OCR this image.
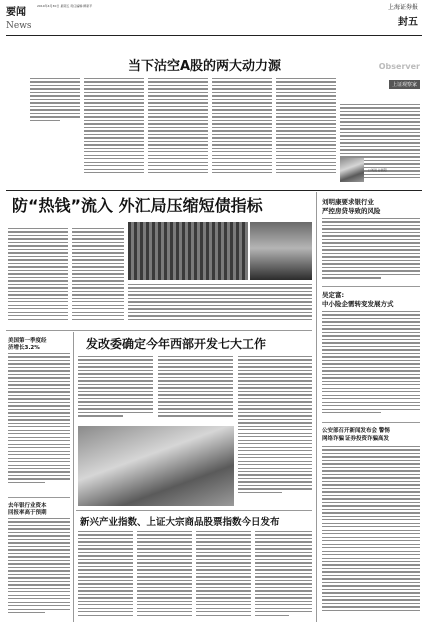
要闻
News
2010年4月30日 星期五 责任编辑:柳新平	上海证券报
封五
当下沽空A股的两大动力源	Observer
上证观察家
□刘进 谷晨阳
防“热钱”流入 外汇局压缩短债指标	刘明康要求银行业
严控房贷导致的风险
吴定富:
中小险企需转变发展方式
公安部召开新闻发布会 警惕
网络诈骗 证券投资诈骗高发
美国第一季度经
济增长3.2%
去年银行业资本
回报率高于预期
发改委确定今年西部开发七大工作
新兴产业指数、上证大宗商品股票指数今日发布
